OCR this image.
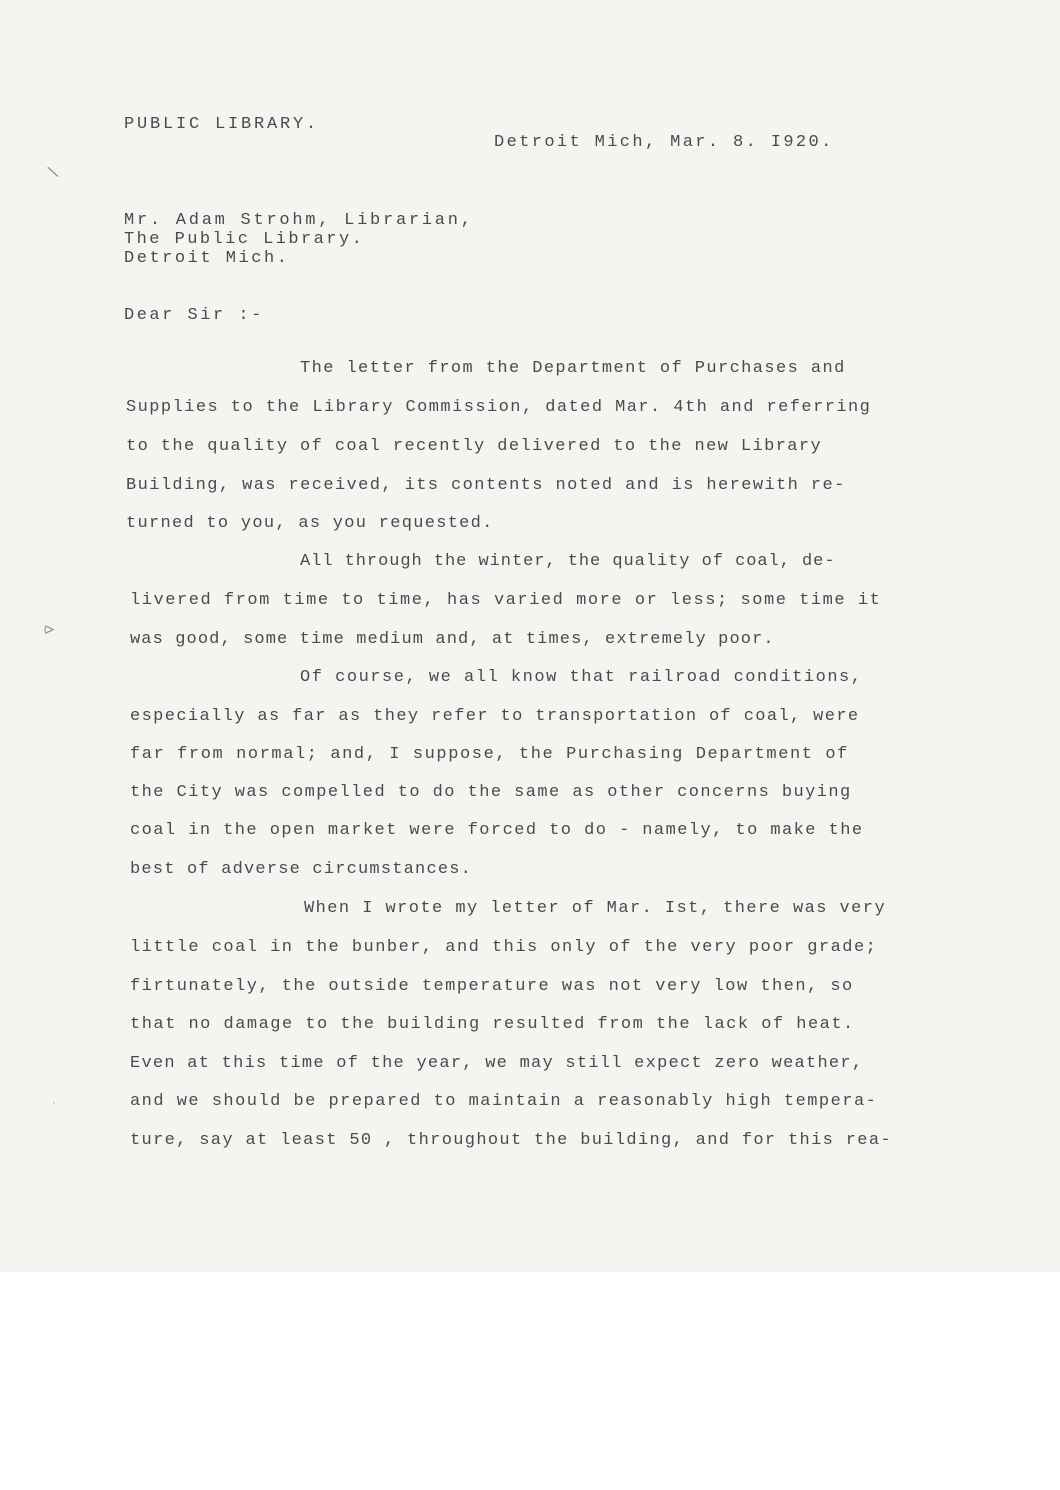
\
⪧
·
PUBLIC LIBRARY.
Detroit Mich, Mar. 8. I920.
Mr. Adam Strohm, Librarian,
The Public Library.
Detroit Mich.
Dear Sir :-
The letter from the Department of Purchases and
Supplies to the Library Commission, dated Mar. 4th and referring
to the quality of coal recently delivered to the new Library
Building, was received, its contents noted and is herewith re-
turned to you, as you requested.
All through the winter, the quality of coal, de-
livered from time to time, has varied more or less; some time it
was good, some time medium and, at times, extremely poor.
Of course, we all know that railroad conditions,
especially as far as they refer to transportation of coal, were
far from normal; and, I suppose, the Purchasing Department of
the City was compelled to do the same as other concerns buying
coal in the open market were forced to do - namely, to make the
best of adverse circumstances.
When I wrote my letter of Mar. Ist, there was very
little coal in the bunber, and this only of the very poor grade;
firtunately, the outside temperature was not very low then, so
that no damage to the building resulted from the lack of heat.
Even at this time of the year, we may still expect zero weather,
and we should be prepared to maintain a reasonably high tempera-
ture, say at least 50 , throughout the building, and for this rea-
